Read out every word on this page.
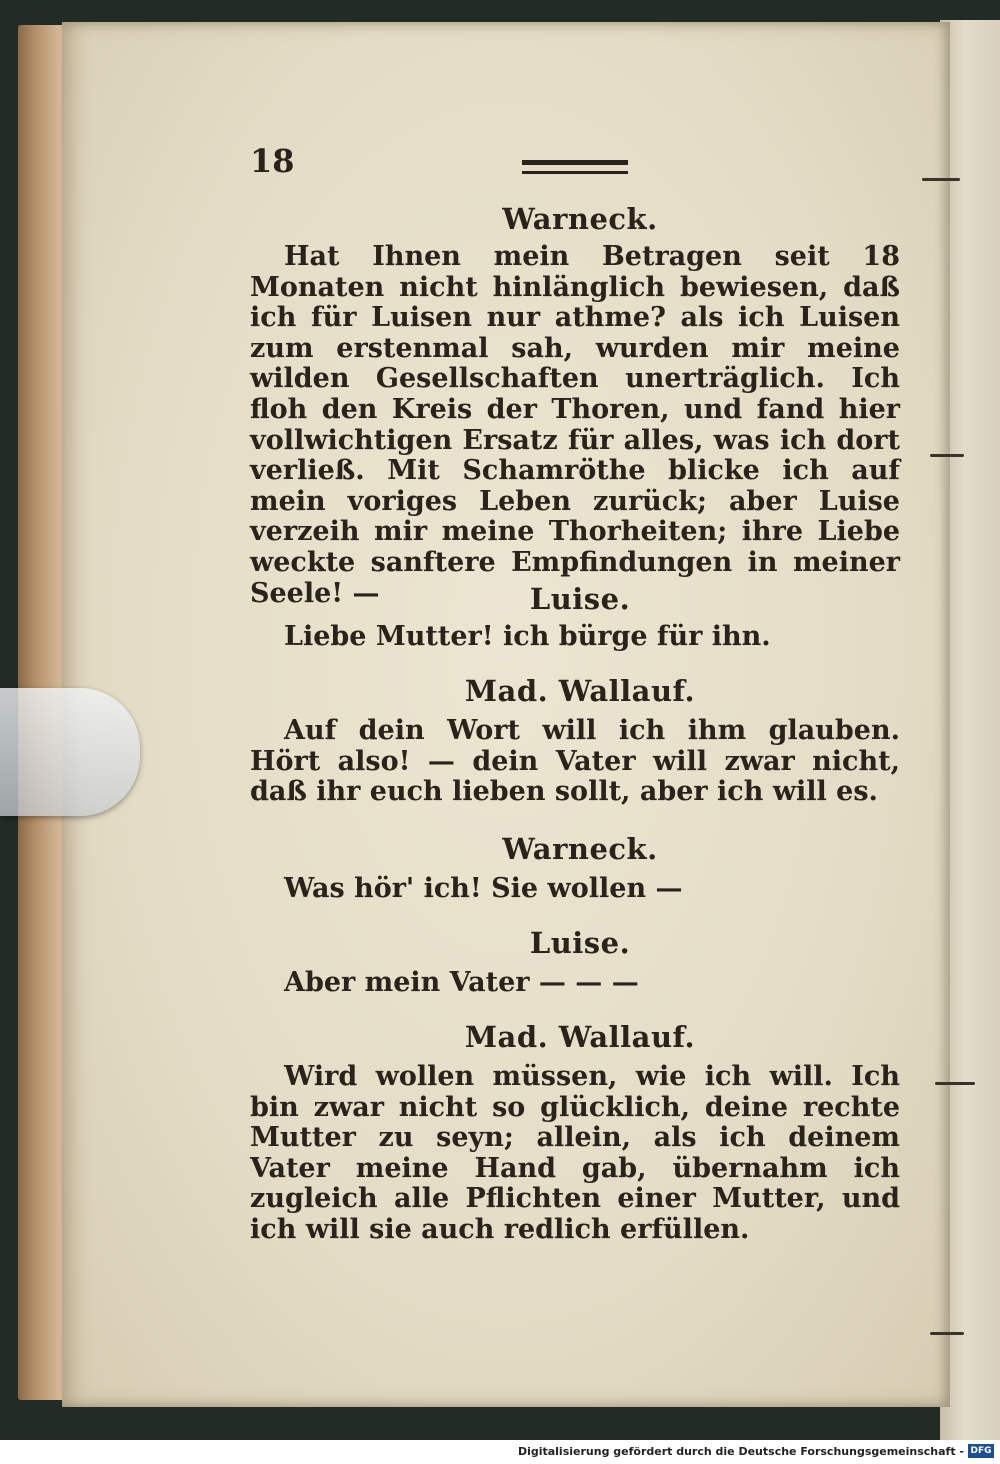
18
Warneck.
Hat Ihnen mein Betragen seit 18 Monaten nicht hinlänglich bewiesen, daß ich für Luisen nur athme? als ich Luisen zum erstenmal sah, wurden mir meine wilden Gesellschaften unerträglich. Ich floh den Kreis der Thoren, und fand hier vollwichtigen Ersatz für alles, was ich dort verließ. Mit Schamröthe blicke ich auf mein voriges Leben zurück; aber Luise verzeih mir meine Thorheiten; ihre Liebe weckte sanftere Empfindungen in meiner Seele! —	Luise.
Liebe Mutter! ich bürge für ihn.
Mad. Wallauf.
Auf dein Wort will ich ihm glauben. Hört also! — dein Vater will zwar nicht, daß ihr euch lieben sollt, aber ich will es.
Warneck.
Was hör' ich! Sie wollen —
Luise.
Aber mein Vater — — —
Mad. Wallauf.
Wird wollen müssen, wie ich will. Ich bin zwar nicht so glücklich, deine rechte Mutter zu seyn; allein, als ich deinem Vater meine Hand gab, übernahm ich zugleich alle Pflichten einer Mutter, und ich will sie auch redlich erfüllen.
Digitalisierung gefördert durch die Deutsche Forschungsgemeinschaft - DFG
